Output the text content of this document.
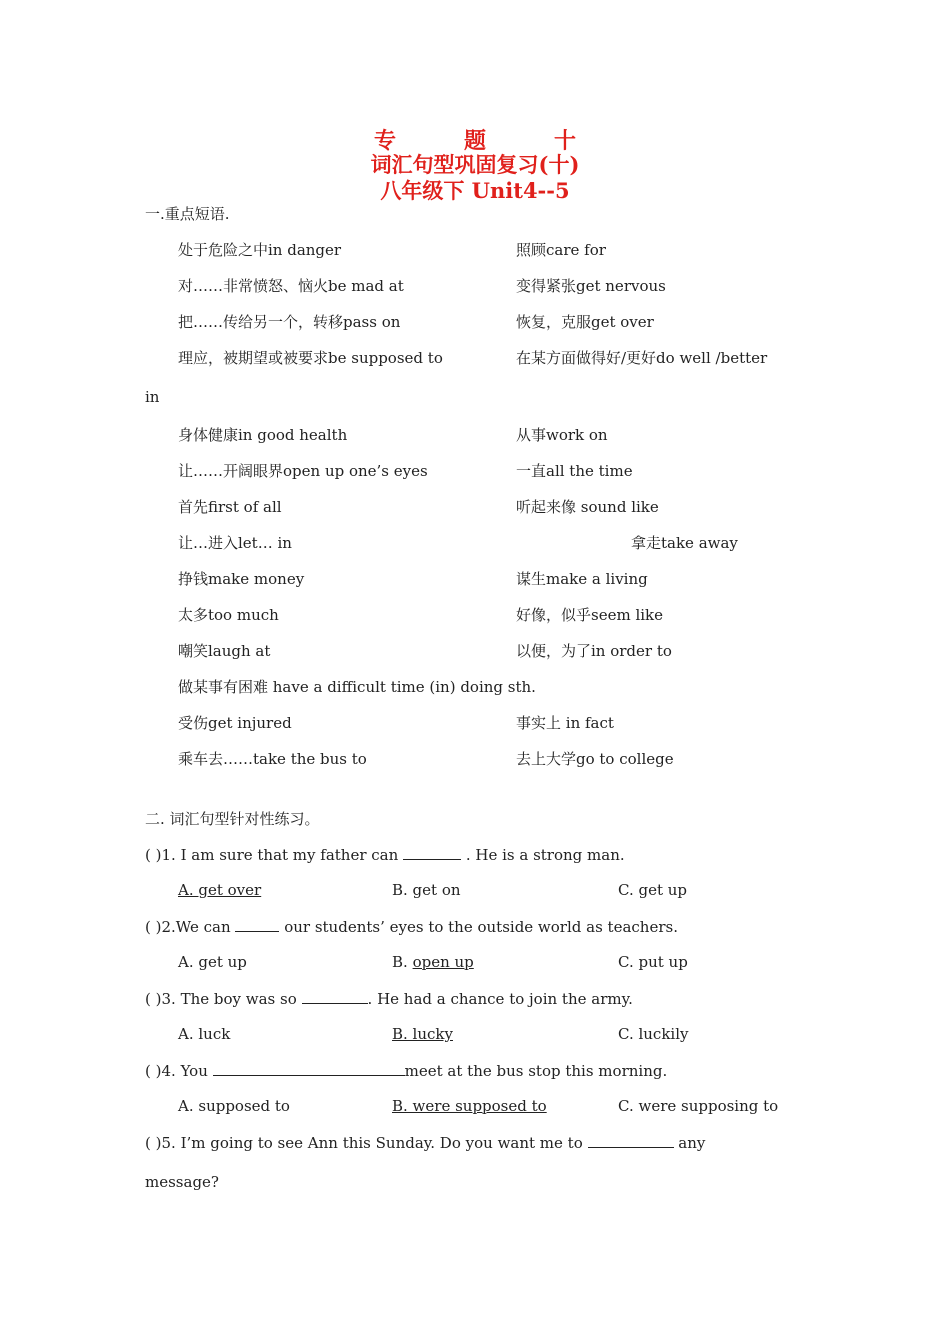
专	题	十
词汇句型巩固复习(十)
八年级下 Unit4--5
一.重点短语.
处于危险之中in danger	照顾care for
对……非常愤怒、恼火be mad at	变得紧张get nervous
把……传给另一个，转移pass on	恢复，克服get over
理应，被期望或被要求be supposed to	在某方面做得好/更好do well /better
in
身体健康in good health	从事work on
让……开阔眼界open up one’s eyes	一直all the time
首先first of all	听起来像 sound like
让…进入let… in	拿走take away
挣钱make money	谋生make a living
太多too much	好像，似乎seem like
嘲笑laugh at	以便，为了in order to
做某事有困难 have a difficult time (in) doing sth.
受伤get injured	事实上 in fact
乘车去……take the bus to	去上大学go to college
二. 词汇句型针对性练习。
( )1. I am sure that my father can	. He is a strong man.
A. get over	B. get on	C. get up
( )2.We can	our students’ eyes to the outside world as teachers.
A. get up	B. open up	C. put up
( )3. The boy was so	. He had a chance to join the army.
A. luck	B. lucky	C. luckily
( )4. You	meet at the bus stop this morning.
A. supposed to	B. were supposed to	C. were supposing to
( )5. I’m going to see Ann this Sunday. Do you want me to	any
message?
